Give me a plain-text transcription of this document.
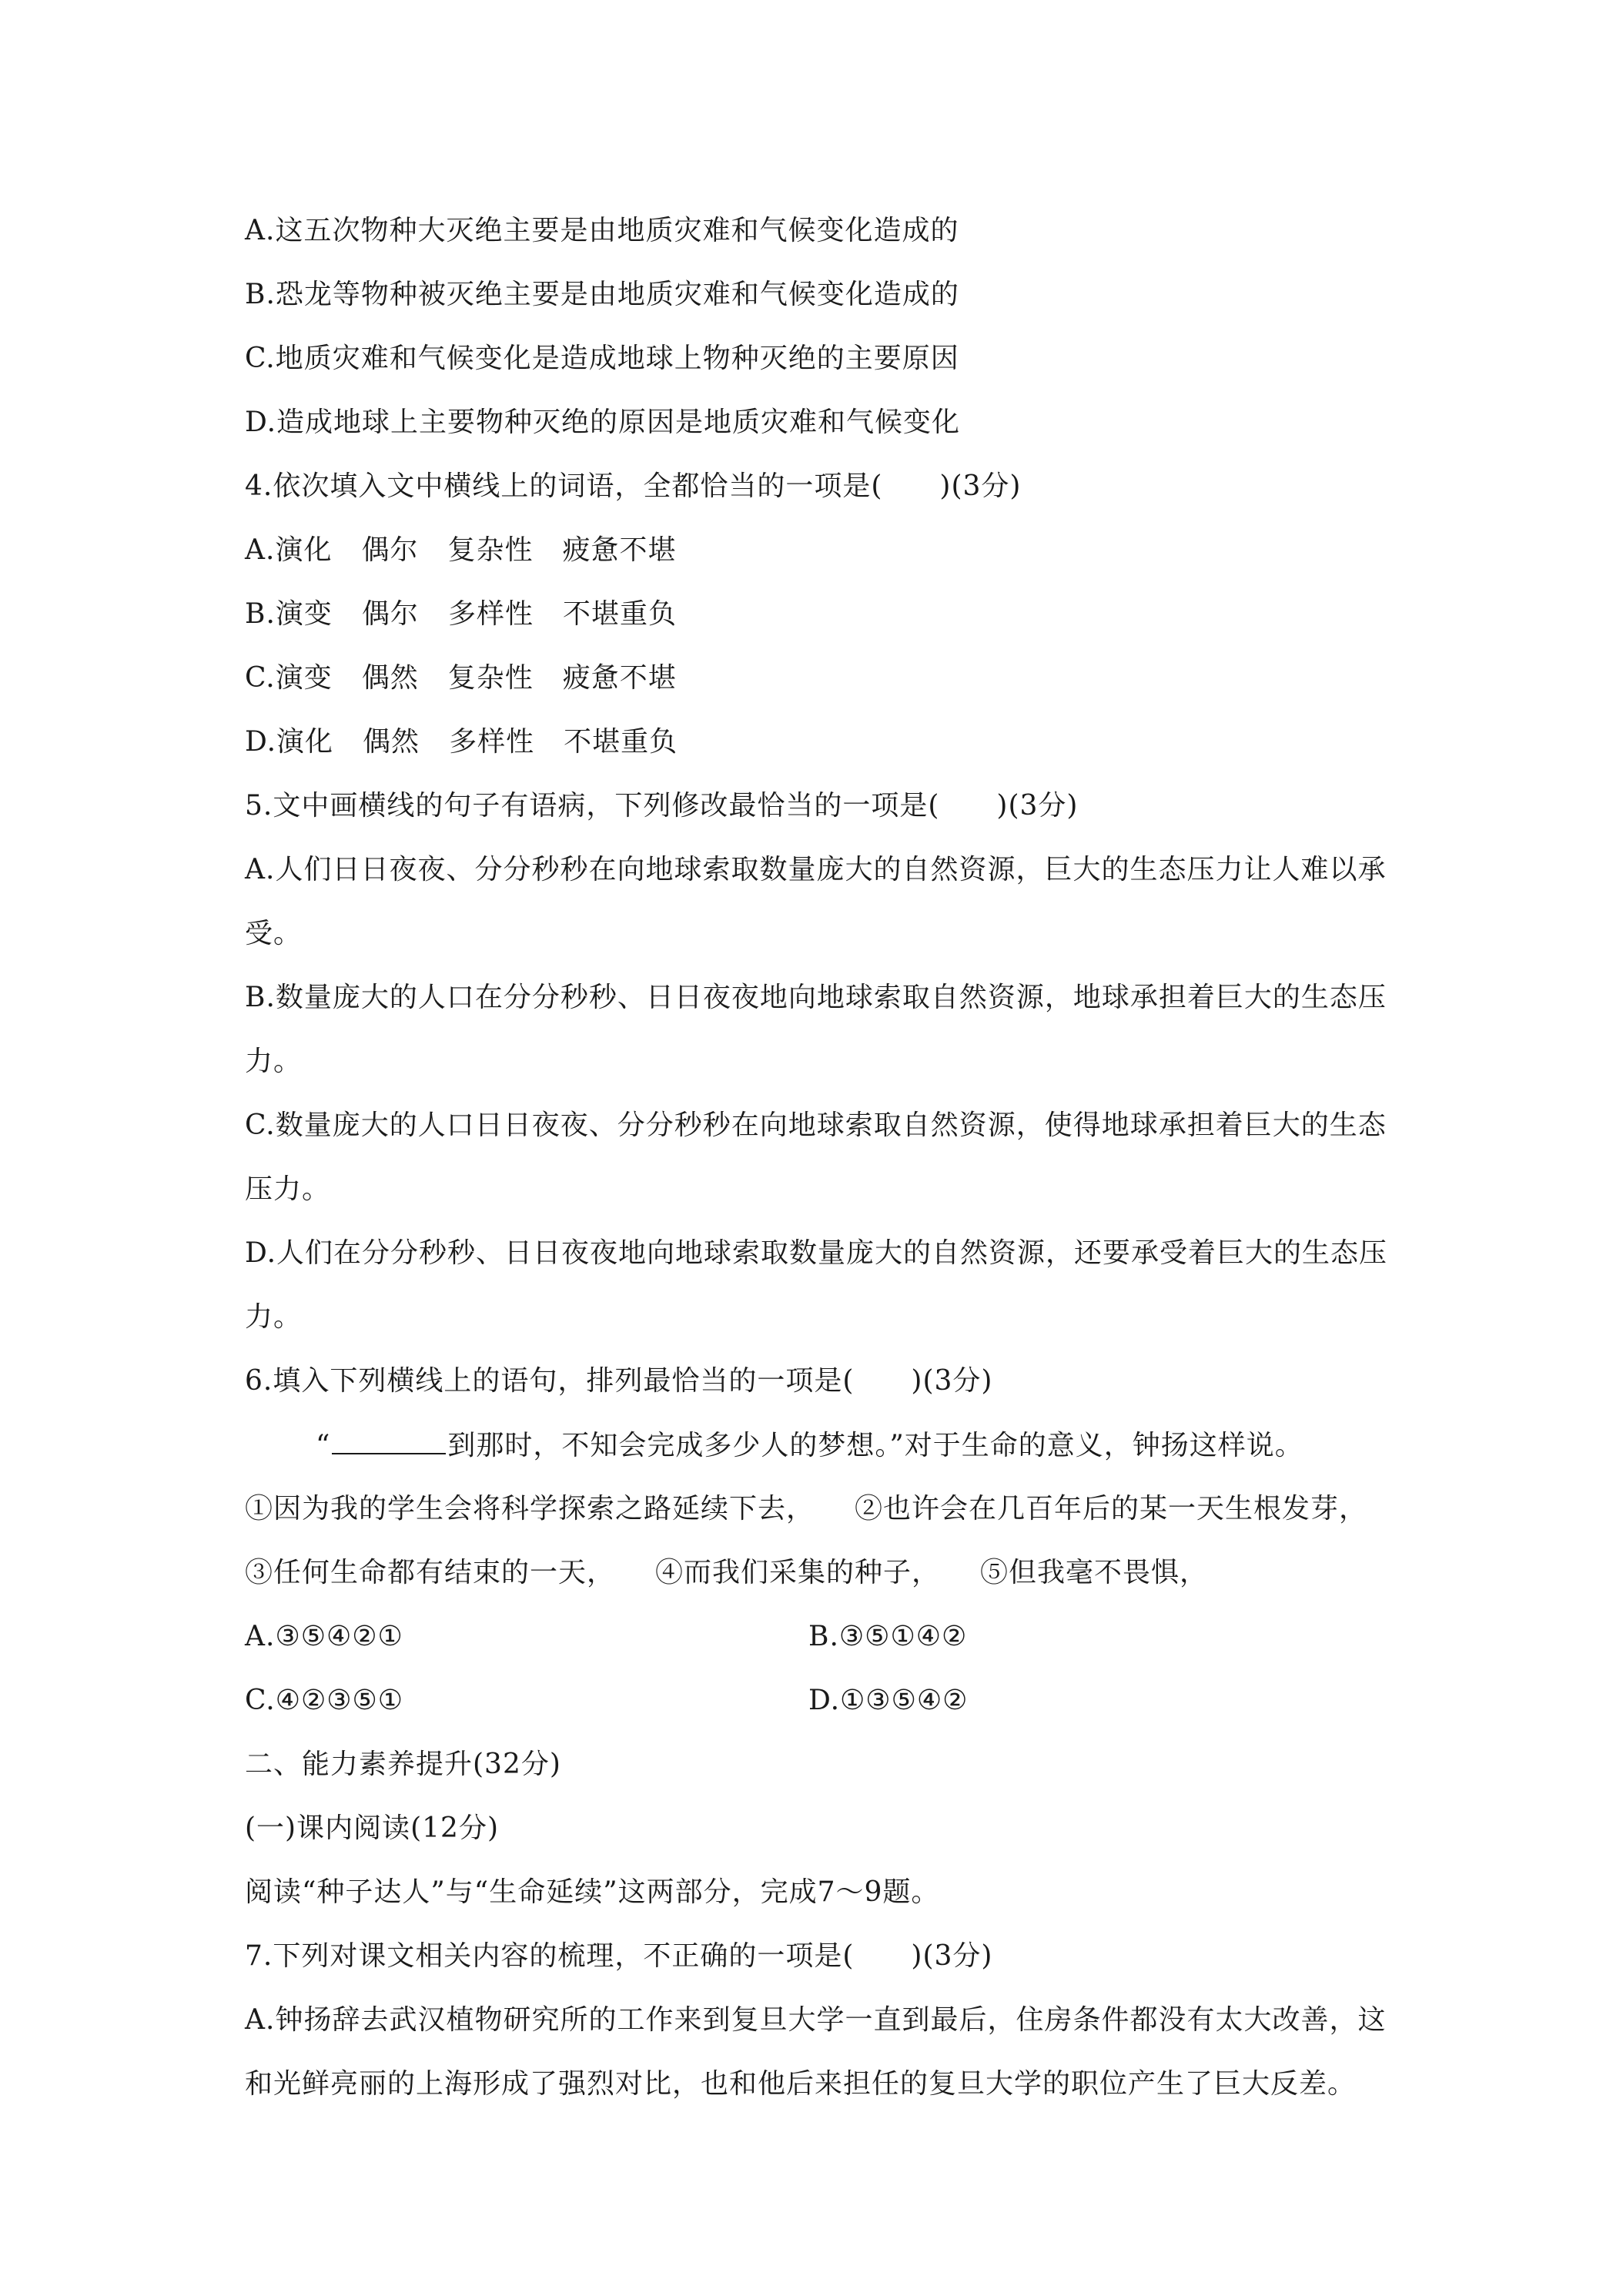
A.这五次物种大灭绝主要是由地质灾难和气候变化造成的
B.恐龙等物种被灭绝主要是由地质灾难和气候变化造成的
C.地质灾难和气候变化是造成地球上物种灭绝的主要原因
D.造成地球上主要物种灭绝的原因是地质灾难和气候变化
4.依次填入文中横线上的词语，全都恰当的一项是(　　)(3分)
A.演化 偶尔 复杂性 疲惫不堪
B.演变 偶尔 多样性 不堪重负
C.演变 偶然 复杂性 疲惫不堪
D.演化 偶然 多样性 不堪重负
5.文中画横线的句子有语病，下列修改最恰当的一项是(　　)(3分)
A.人们日日夜夜、分分秒秒在向地球索取数量庞大的自然资源，巨大的生态压力让人难以承
受。
B.数量庞大的人口在分分秒秒、日日夜夜地向地球索取自然资源，地球承担着巨大的生态压
力。
C.数量庞大的人口日日夜夜、分分秒秒在向地球索取自然资源，使得地球承担着巨大的生态
压力。
D.人们在分分秒秒、日日夜夜地向地球索取数量庞大的自然资源，还要承受着巨大的生态压
力。
6.填入下列横线上的语句，排列最恰当的一项是(　　)(3分)
“	到那时，不知会完成多少人的梦想。”对于生命的意义，钟扬这样说。
①因为我的学生会将科学探索之路延续下去， ②也许会在几百年后的某一天生根发芽，
③任何生命都有结束的一天， ④而我们采集的种子， ⑤但我毫不畏惧，
A.③⑤④②①	B.③⑤①④②
C.④②③⑤①	D.①③⑤④②
二、能力素养提升(32分)
(一)课内阅读(12分)
阅读“种子达人”与“生命延续”这两部分，完成7～9题。
7.下列对课文相关内容的梳理，不正确的一项是(　　)(3分)
A.钟扬辞去武汉植物研究所的工作来到复旦大学一直到最后，住房条件都没有太大改善，这
和光鲜亮丽的上海形成了强烈对比，也和他后来担任的复旦大学的职位产生了巨大反差。
